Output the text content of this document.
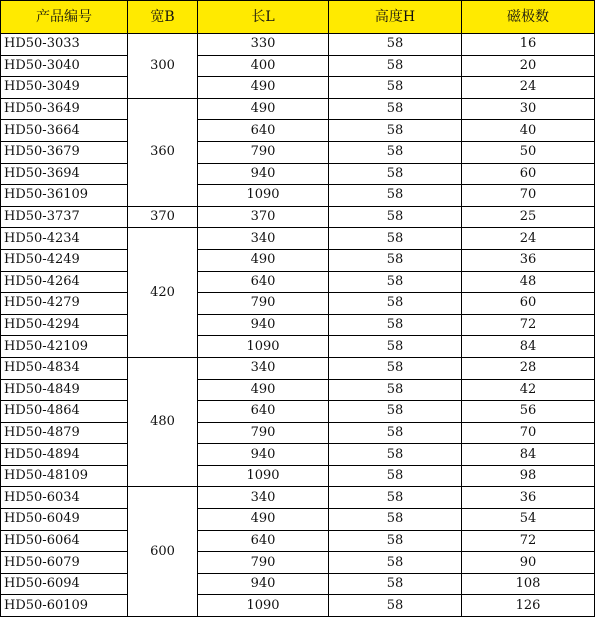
产品编号	宽B	长L	高度H	磁极数
HD50-3033	300	330	58	16
HD50-3040		400	58	20
HD50-3049		490	58	24
HD50-3649	360	490	58	30
HD50-3664		640	58	40
HD50-3679		790	58	50
HD50-3694		940	58	60
HD50-36109		1090	58	70
HD50-3737	370	370	58	25
HD50-4234	420	340	58	24
HD50-4249		490	58	36
HD50-4264		640	58	48
HD50-4279		790	58	60
HD50-4294		940	58	72
HD50-42109		1090	58	84
HD50-4834	480	340	58	28
HD50-4849		490	58	42
HD50-4864		640	58	56
HD50-4879		790	58	70
HD50-4894		940	58	84
HD50-48109		1090	58	98
HD50-6034	600	340	58	36
HD50-6049		490	58	54
HD50-6064		640	58	72
HD50-6079		790	58	90
HD50-6094		940	58	108
HD50-60109		1090	58	126
